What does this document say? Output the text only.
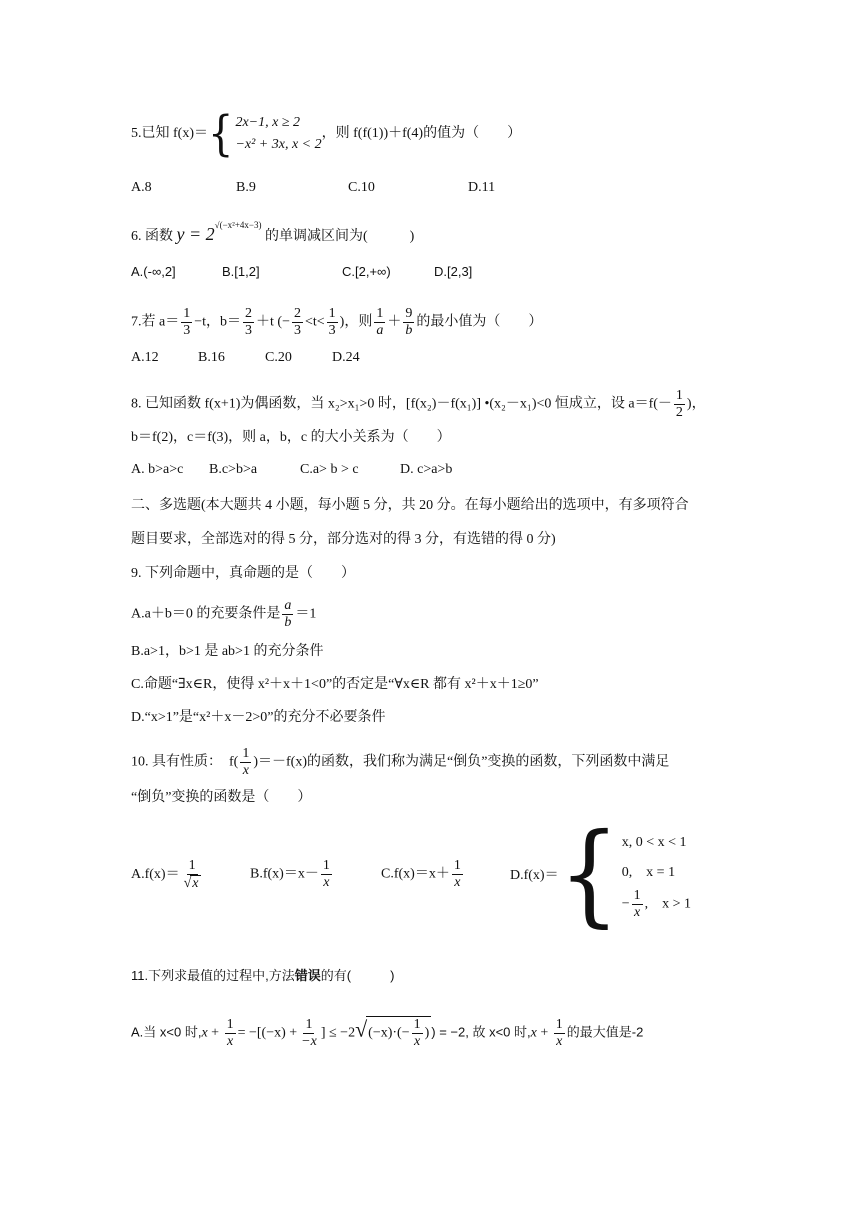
5.已知 f(x)＝{ 2x−1, x ≥ 2
−x² + 3x, x < 2
，则 f(f(1))＋f(4)的值为（　　）
A.8	B.9	C.10	D.11
6. 函数 $y = 2^{√(-x^2+4x-3)}$ 的单调减区间为(　　　)
A.(-∞,2]	B.[1,2]	C.[2,+∞)	D.[2,3]
7.若 $a= \frac{1}{3} -t$，$b= \frac{2}{3} +t$ (− $\frac{2}{3} <t< \frac{1}{3}$ )，则 $\frac{1}{a} + \frac{9}{b}$ 的最小值为（　　）
A.12	B.16	C.20	D.24
8. 已知函数 f(x+1)为偶函数，当 x₂>x₁>0 时，[f(x₂)－f(x₁)] •(x₂－x₁)<0 恒成立，设 $a=f(- \frac{1}{2}$ )，
b＝f(2)，c＝f(3)，则 a，b，c 的大小关系为（　　）
A. b>a>c B.c>b>a	C.a> b > c	D. c>a>b
二、多选题(本大题共 4 小题，每小题 5 分，共 20 分。在每小题给出的选项中，有多项符合
题目要求，全部选对的得 5 分，部分选对的得 3 分，有选错的得 0 分)
9. 下列命题中，真命题的是（　　）
A.a＋b＝0 的充要条件是 $\frac{a}{b} =1$
B.a>1，b>1 是 ab>1 的充分条件
C.命题“∃x∈R，使得 x²＋x＋1<0”的否定是“∀x∈R 都有 x²＋x＋1≥0”
D.“x>1”是“x²＋x－2>0”的充分不必要条件
10. 具有性质：　$f( \frac{1}{x} )=-f(x)$的函数，我们称为满足“倒负”变换的函数，下列函数中满足
“倒负”变换的函数是（　　）
$A.f(x)= \frac{1}{√x}$	$B.f(x)=x- \frac{1}{x}$	$C.f(x)=x+ \frac{1}{x}$	D.f(x)＝{ x, 0 < x < 1
0,　x = 1
− $\frac{1}{x}$ ,　x > 1
11.下列求最值的过程中,方法错误的有(　　　)
A.当 x<0 时$,x + \frac{1}{x} = -[(-x) + \frac{1}{-x}$ ] ≤ $-2√(-x)\cdot(- \frac{1}{x}$ ) ) = −2, 故 x<0 时$,x + \frac{1}{x}$ 的最大值是-2
